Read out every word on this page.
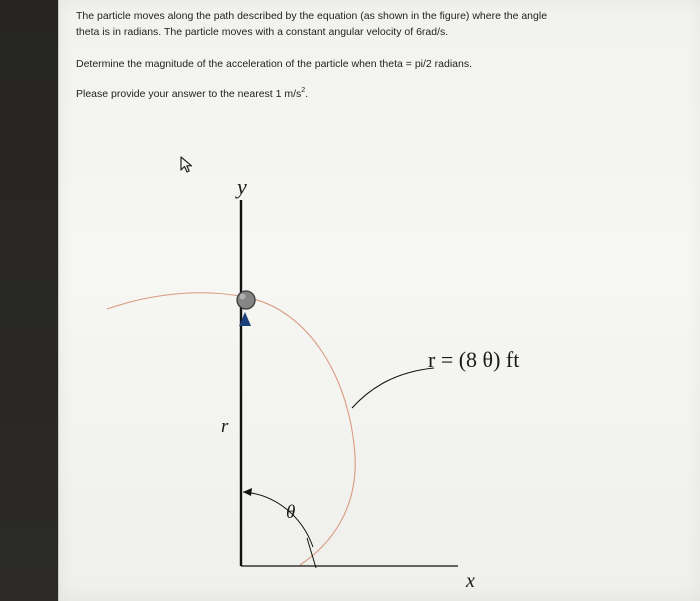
The particle moves along the path described by the equation (as shown in the figure) where the angle
theta is in radians. The particle moves with a constant angular velocity of 6rad/s.
Determine the magnitude of the acceleration of the particle when theta = pi/2 radians.
Please provide your answer to the nearest 1 $m/s^2$.
y
x
r
θ
r = (8 θ) ft
